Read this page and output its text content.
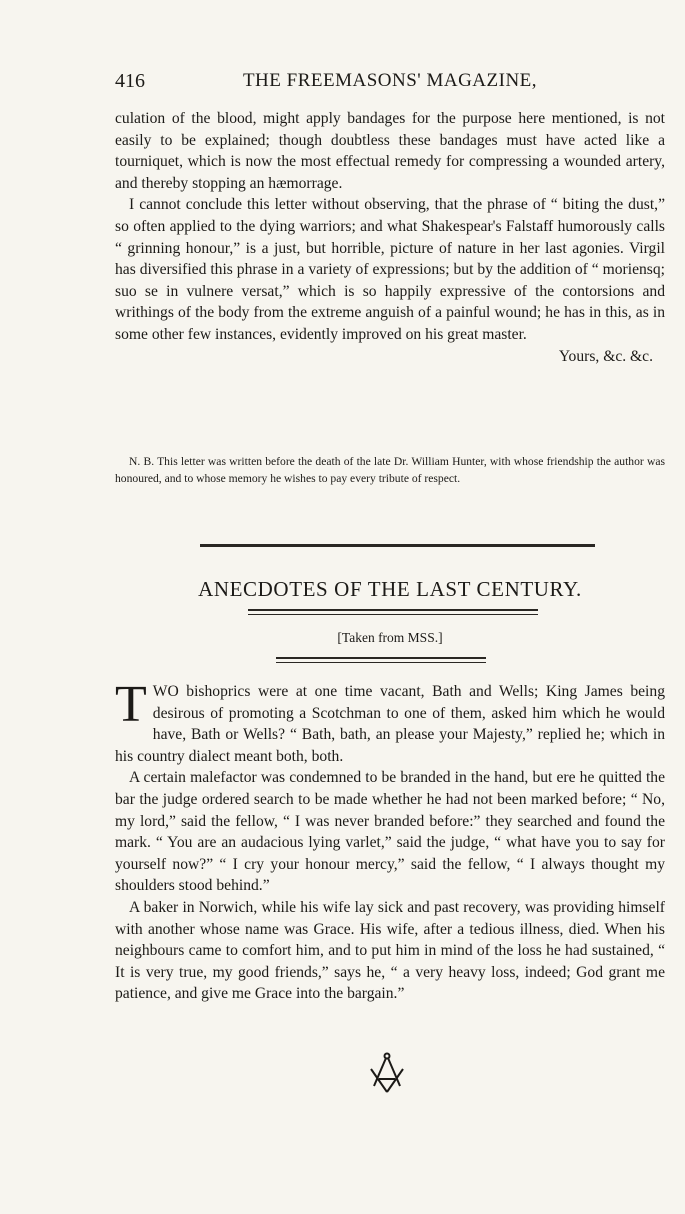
416	THE FREEMASONS' MAGAZINE,

culation of the blood, might apply bandages for the purpose here mentioned, is not easily to be explained; though doubtless these bandages must have acted like a tourniquet, which is now the most effectual remedy for compressing a wounded artery, and thereby stopping an hæmorrage.

I cannot conclude this letter without observing, that the phrase of “ biting the dust,” so often applied to the dying warriors; and what Shakespear's Falstaff humorously calls “ grinning honour,” is a just, but horrible, picture of nature in her last agonies. Virgil has diversified this phrase in a variety of expressions; but by the addition of “ moriensq; suo se in vulnere versat,” which is so happily expressive of the contorsions and writhings of the body from the extreme anguish of a painful wound; he has in this, as in some other few instances, evidently improved on his great master.

Yours, &c. &c.

N. B. This letter was written before the death of the late Dr. William Hunter, with whose friendship the author was honoured, and to whose memory he wishes to pay every tribute of respect.
ANECDOTES OF THE LAST CENTURY.
[Taken from MSS.]

TWO bishoprics were at one time vacant, Bath and Wells; King James being desirous of promoting a Scotchman to one of them, asked him which he would have, Bath or Wells? “ Bath, bath, an please your Majesty,” replied he; which in his country dialect meant both, both.

A certain malefactor was condemned to be branded in the hand, but ere he quitted the bar the judge ordered search to be made whether he had not been marked before; “ No, my lord,” said the fellow, “ I was never branded before:” they searched and found the mark. “ You are an audacious lying varlet,” said the judge, “ what have you to say for yourself now?” “ I cry your honour mercy,” said the fellow, “ I always thought my shoulders stood behind.”

A baker in Norwich, while his wife lay sick and past recovery, was providing himself with another whose name was Grace. His wife, after a tedious illness, died. When his neighbours came to comfort him, and to put him in mind of the loss he had sustained, “ It is very true, my good friends,” says he, “ a very heavy loss, indeed; God grant me patience, and give me Grace into the bargain.”
